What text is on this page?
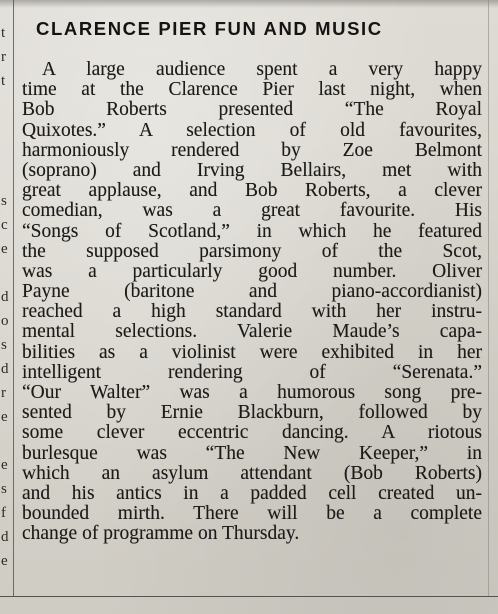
t
r
t
s
c
e
d
o
s
d
r
e
e
s
f
d
e
CLARENCE PIER FUN AND MUSIC
A large audience spent a very happy
time at the Clarence Pier last night, when
Bob Roberts presented “The Royal
Quixotes.” A selection of old favourites,
harmoniously rendered by Zoe Belmont
(soprano) and Irving Bellairs, met with
great applause, and Bob Roberts, a clever
comedian, was a great favourite. His
“Songs of Scotland,” in which he featured
the supposed parsimony of the Scot,
was a particularly good number. Oliver
Payne (baritone and piano-accordianist)
reached a high standard with her instru-
mental selections. Valerie Maude’s capa-
bilities as a violinist were exhibited in her
intelligent rendering of “Serenata.”
“Our Walter” was a humorous song pre-
sented by Ernie Blackburn, followed by
some clever eccentric dancing. A riotous
burlesque was “The New Keeper,” in
which an asylum attendant (Bob Roberts)
and his antics in a padded cell created un-
bounded mirth. There will be a complete
change of programme on Thursday.
